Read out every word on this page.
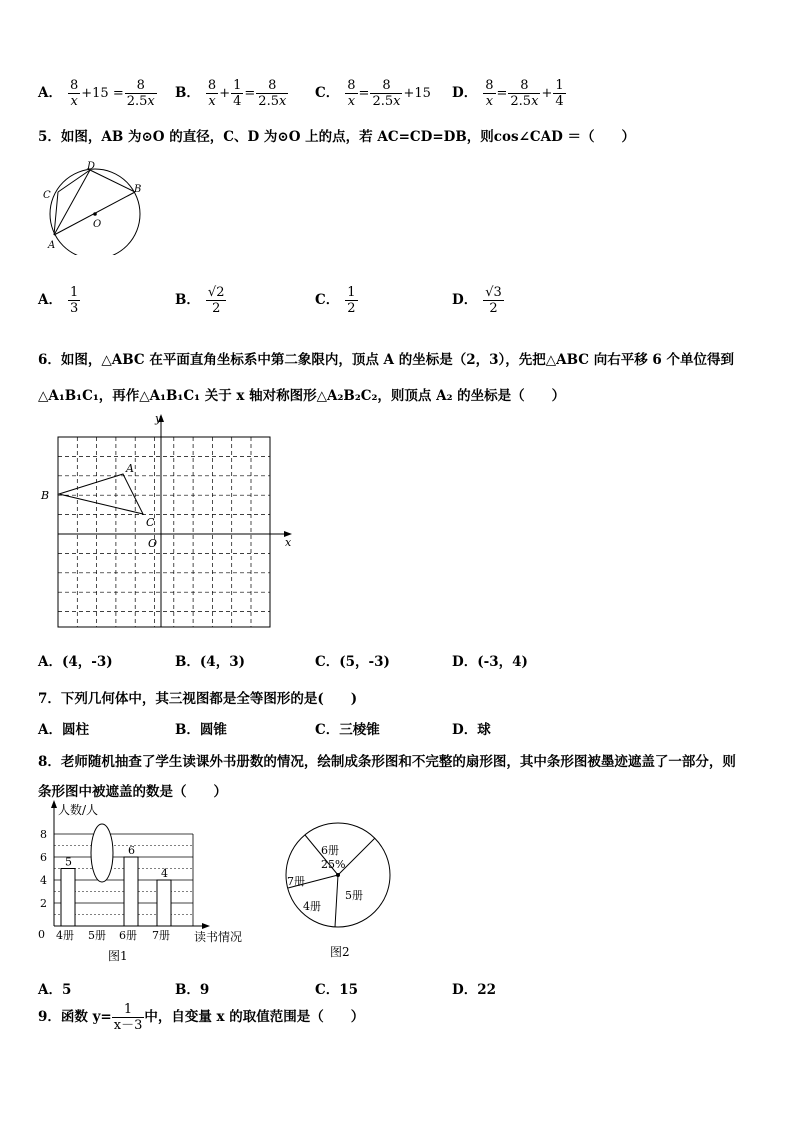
A． $\frac{8}{x} +15 = \frac{8}{2.5x}$ B． $\frac{8}{x} + \frac{1}{4} = \frac{8}{2.5x}$ C． $\frac{8}{x} = \frac{8}{2.5x} +15$ D． $\frac{8}{x} = \frac{8}{2.5x} + \frac{1}{4}$
5．如图，AB 为⊙O 的直径，C、D 为⊙O 上的点，若 AC=CD=DB，则cos∠CAD ＝（　　）
D
C
B
A
O
A． $\frac{1}{3}$	B． $\frac{√2}{2}$	C． $\frac{1}{2}$	D． $\frac{√3}{2}$
6．如图，△ABC 在平面直角坐标系中第二象限内，顶点 A 的坐标是（2，3），先把△ABC 向右平移 6 个单位得到
△A₁B₁C₁，再作△A₁B₁C₁ 关于 x 轴对称图形△A₂B₂C₂，则顶点 A₂ 的坐标是（　　）
y
x
A
B
C
O
A．(4，-3)	B．(4，3)	C．(5，-3)	D．(-3，4)
7．下列几何体中，其三视图都是全等图形的是(　　)
A．圆柱	B．圆锥	C．三棱锥	D．球
8．老师随机抽查了学生读课外书册数的情况，绘制成条形图和不完整的扇形图，其中条形图被墨迹遮盖了一部分，则
条形图中被遮盖的数是（　　）
人数/人
读书情况
图1
0
2
4
6
8
5
4册 5册
6
6册
4
7册
6册
25%
7册
4册
5册
图2
A．5	B．9	C．15	D．22
9．函数 $y= \frac{1}{x-3}$ 中，自变量 x 的取值范围是（　　）
